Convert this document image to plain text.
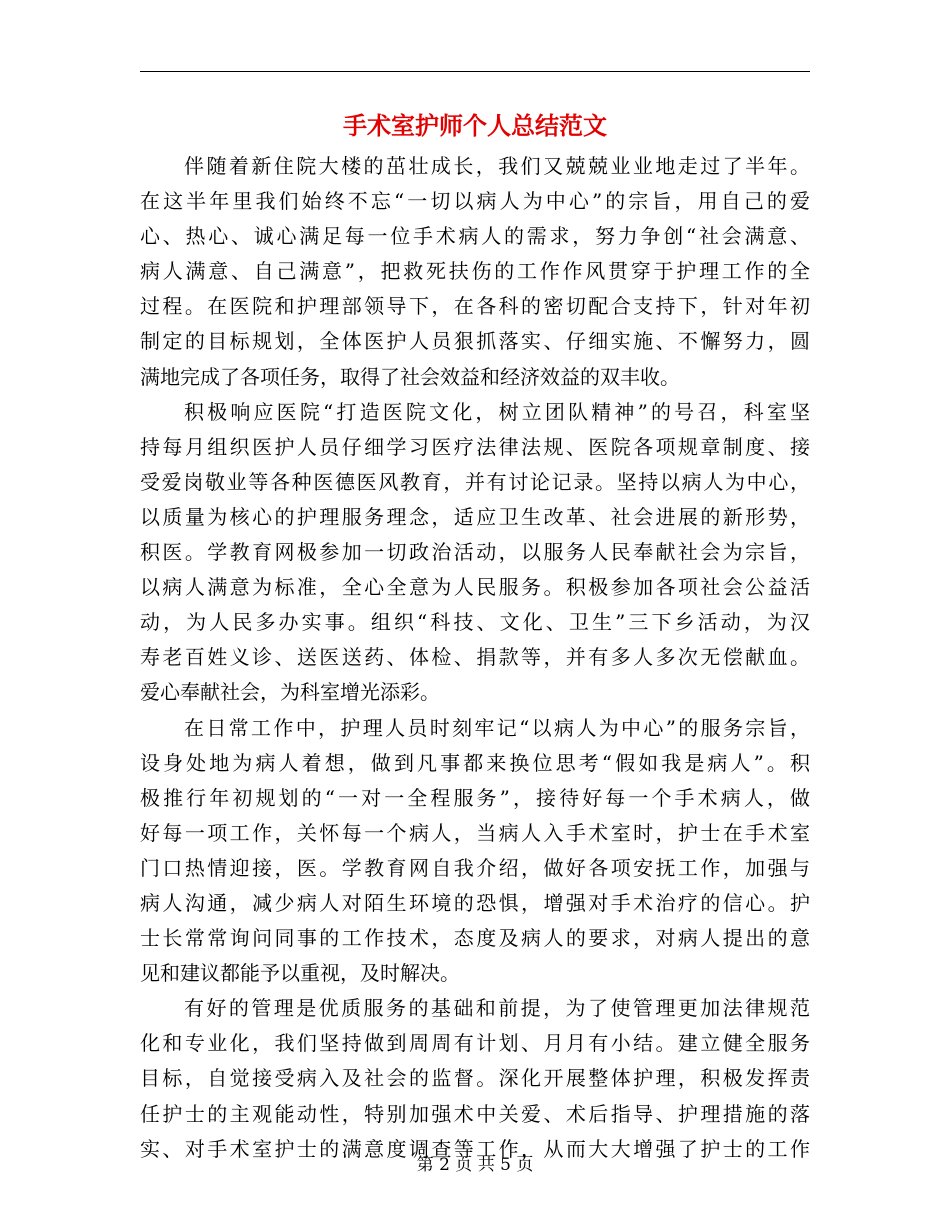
手术室护师个人总结范文
伴随着新住院大楼的茁壮成长，我们又兢兢业业地走过了半年。
在这半年里我们始终不忘“一切以病人为中心”的宗旨，用自己的爱
心、热心、诚心满足每一位手术病人的需求，努力争创“社会满意、
病人满意、自己满意”，把救死扶伤的工作作风贯穿于护理工作的全
过程。在医院和护理部领导下，在各科的密切配合支持下，针对年初
制定的目标规划，全体医护人员狠抓落实、仔细实施、不懈努力，圆
满地完成了各项任务，取得了社会效益和经济效益的双丰收。
积极响应医院“打造医院文化，树立团队精神”的号召，科室坚
持每月组织医护人员仔细学习医疗法律法规、医院各项规章制度、接
受爱岗敬业等各种医德医风教育，并有讨论记录。坚持以病人为中心，
以质量为核心的护理服务理念，适应卫生改革、社会进展的新形势，
积医。学教育网极参加一切政治活动，以服务人民奉献社会为宗旨，
以病人满意为标准，全心全意为人民服务。积极参加各项社会公益活
动，为人民多办实事。组织“科技、文化、卫生”三下乡活动，为汉
寿老百姓义诊、送医送药、体检、捐款等，并有多人多次无偿献血。
爱心奉献社会，为科室增光添彩。
在日常工作中，护理人员时刻牢记“以病人为中心”的服务宗旨，
设身处地为病人着想，做到凡事都来换位思考“假如我是病人”。积
极推行年初规划的“一对一全程服务”，接待好每一个手术病人，做
好每一项工作，关怀每一个病人，当病人入手术室时，护士在手术室
门口热情迎接，医。学教育网自我介绍，做好各项安抚工作，加强与
病人沟通，减少病人对陌生环境的恐惧，增强对手术治疗的信心。护
士长常常询问同事的工作技术，态度及病人的要求，对病人提出的意
见和建议都能予以重视，及时解决。
有好的管理是优质服务的基础和前提，为了使管理更加法律规范
化和专业化，我们坚持做到周周有计划、月月有小结。建立健全服务
目标，自觉接受病入及社会的监督。深化开展整体护理，积极发挥责
任护士的主观能动性，特别加强术中关爱、术后指导、护理措施的落
实、对手术室护士的满意度调查等工作，从而大大增强了护士的工作
第 2 页 共 5 页
